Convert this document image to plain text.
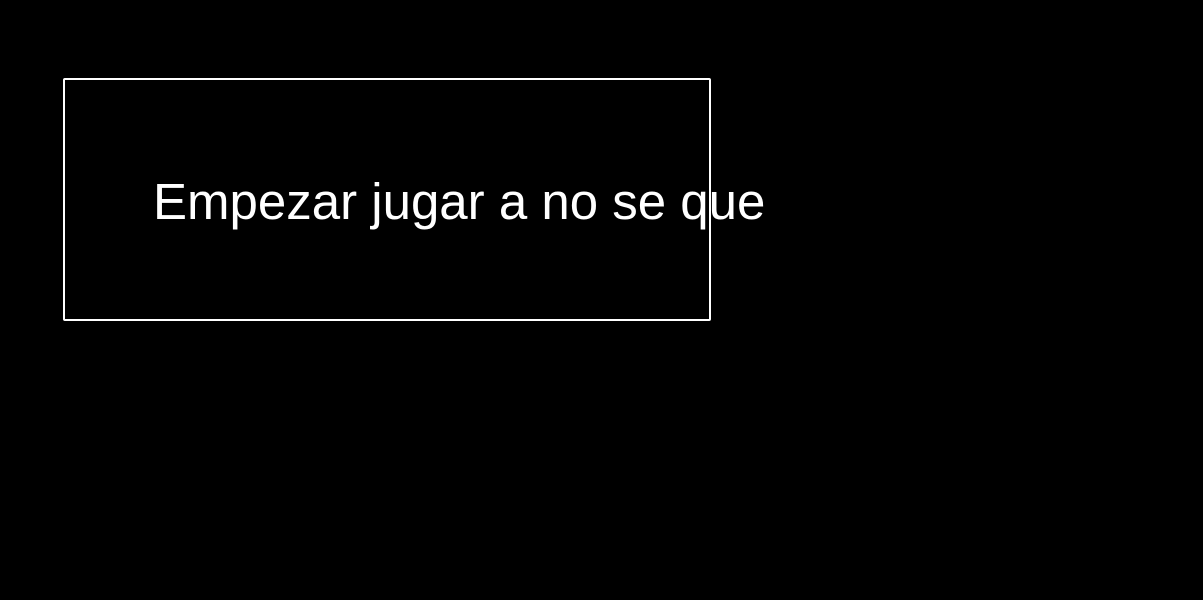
Empezar jugar a no se que
